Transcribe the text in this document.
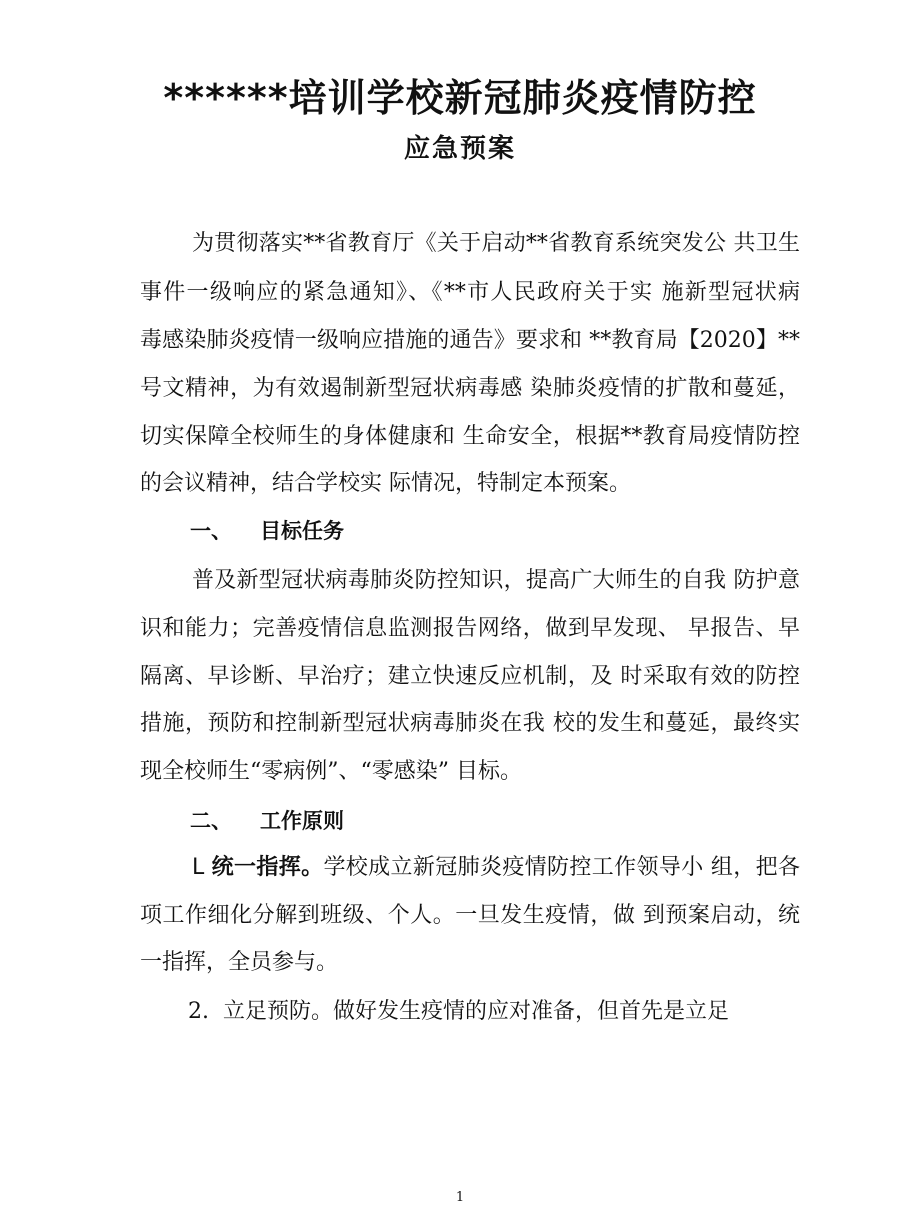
******培训学校新冠肺炎疫情防控
应急预案
为贯彻落实**省教育厅《关于启动**省教育系统突发公 共卫生
事件一级响应的紧急通知》、《**市人民政府关于实 施新型冠状病
毒感染肺炎疫情一级响应措施的通告》要求和 **教育局【2020】**
号文精神，为有效遏制新型冠状病毒感 染肺炎疫情的扩散和蔓延，
切实保障全校师生的身体健康和 生命安全，根据**教育局疫情防控
的会议精神，结合学校实 际情况，特制定本预案。
一、 目标任务
普及新型冠状病毒肺炎防控知识，提高广大师生的自我 防护意
识和能力；完善疫情信息监测报告网络，做到早发现、 早报告、早
隔离、早诊断、早治疗；建立快速反应机制，及 时采取有效的防控
措施，预防和控制新型冠状病毒肺炎在我 校的发生和蔓延，最终实
现全校师生“零病例”、“零感染” 目标。
二、 工作原则
L 统一指挥。学校成立新冠肺炎疫情防控工作领导小 组，把各
项工作细化分解到班级、个人。一旦发生疫情，做 到预案启动，统
一指挥，全员参与。
2. 立足预防。做好发生疫情的应对准备，但首先是立足
1
